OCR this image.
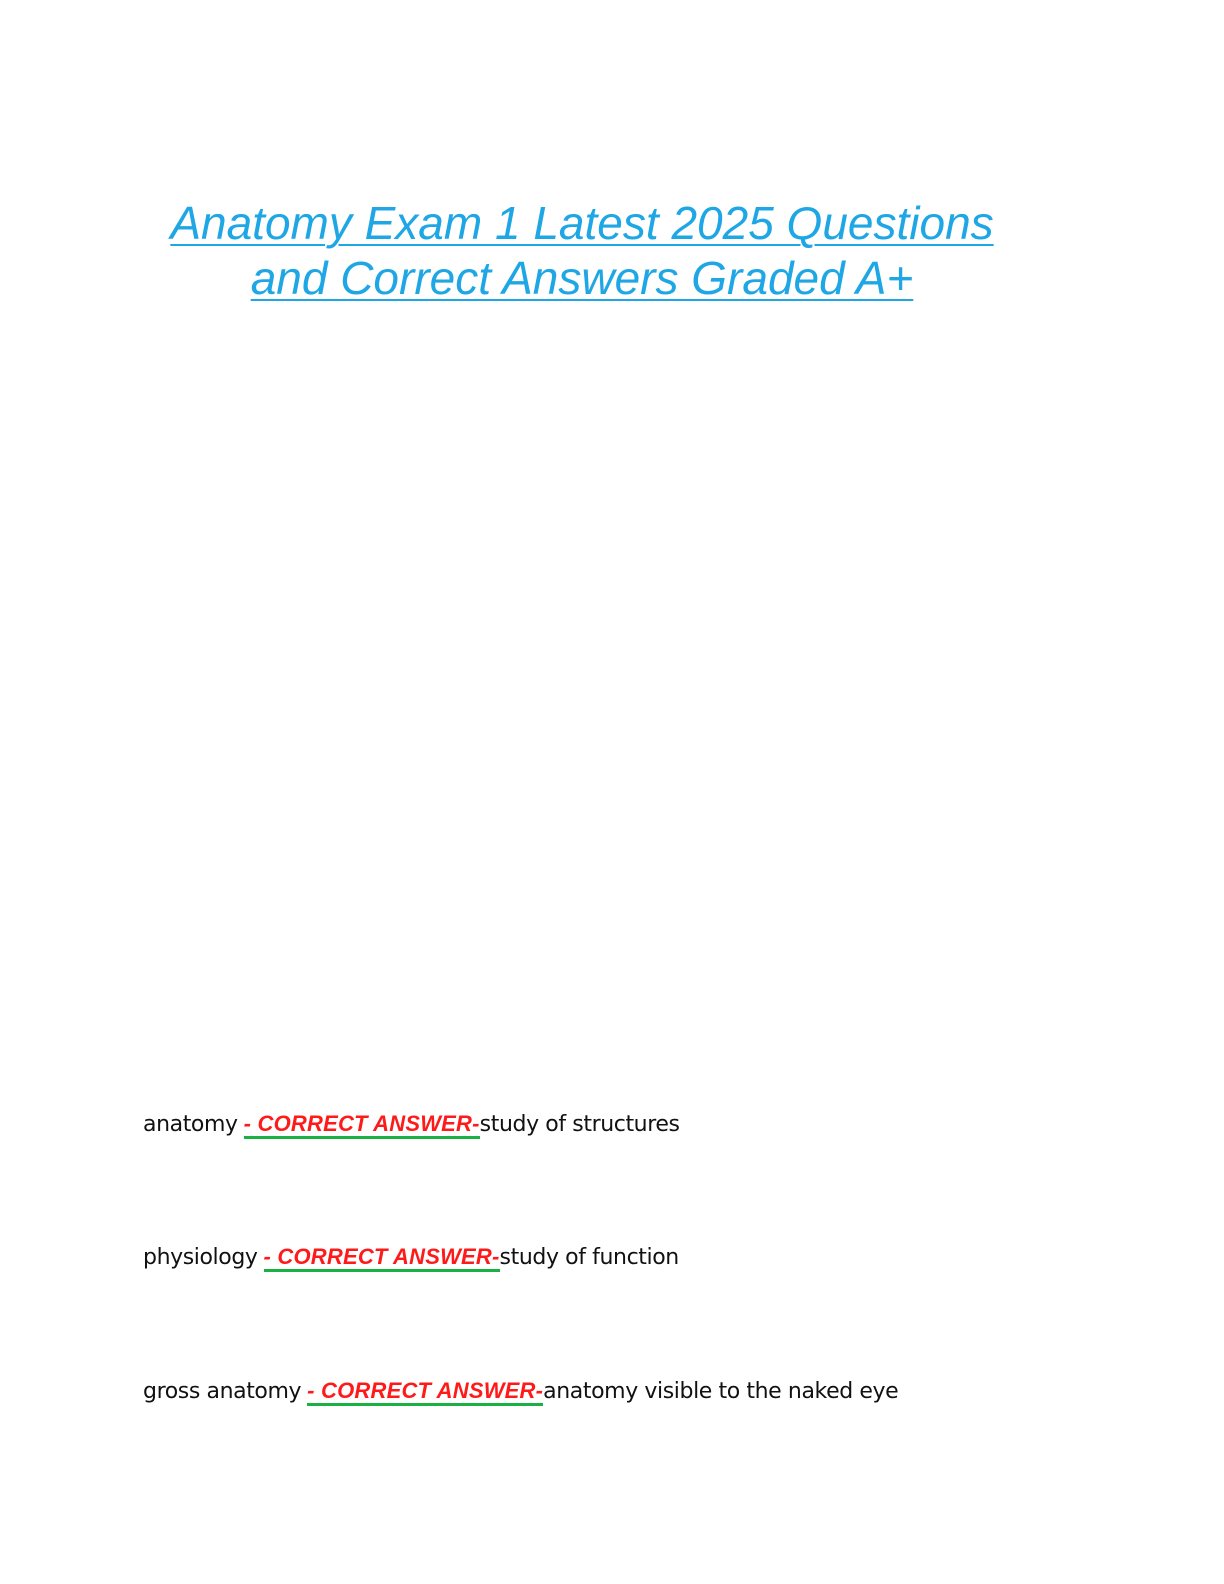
Anatomy Exam 1 Latest 2025 Questions
and Correct Answers Graded A+
anatomy - CORRECT ANSWER-study of structures
physiology - CORRECT ANSWER-study of function
gross anatomy - CORRECT ANSWER-anatomy visible to the naked eye
